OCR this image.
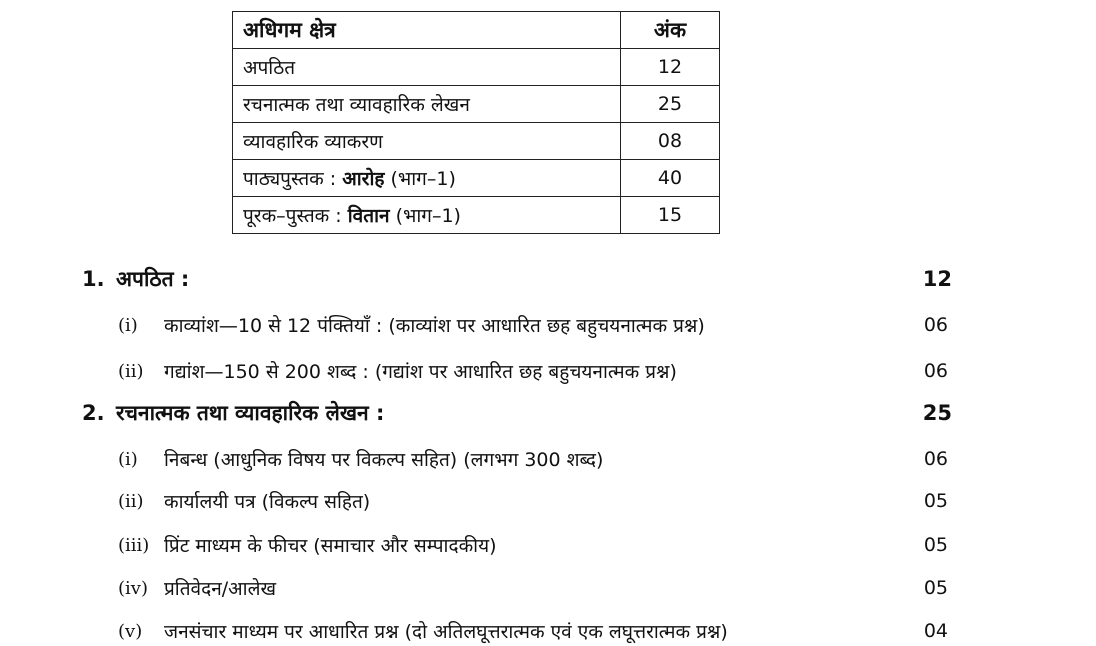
अधिगम क्षेत्र	अंक
अपठित	12
रचनात्मक तथा व्यावहारिक लेखन	25
व्यावहारिक व्याकरण	08
पाठ्यपुस्तक : आरोह (भाग–1)	40
पूरक–पुस्तक : वितान (भाग–1)	15
1. अपठित :	12
(i)	काव्यांश—10 से 12 पंक्तियाँ : (काव्यांश पर आधारित छह बहुचयनात्मक प्रश्न)	06
(ii)	गद्यांश—150 से 200 शब्द : (गद्यांश पर आधारित छह बहुचयनात्मक प्रश्न)	06
2. रचनात्मक तथा व्यावहारिक लेखन :	25
(i)	निबन्ध (आधुनिक विषय पर विकल्प सहित) (लगभग 300 शब्द)	06
(ii)	कार्यालयी पत्र (विकल्प सहित)	05
(iii) प्रिंट माध्यम के फीचर (समाचार और सम्पादकीय)	05
(iv) प्रतिवेदन/आलेख	05
(v)	जनसंचार माध्यम पर आधारित प्रश्न (दो अतिलघूत्तरात्मक एवं एक लघूत्तरात्मक प्रश्न)	04
